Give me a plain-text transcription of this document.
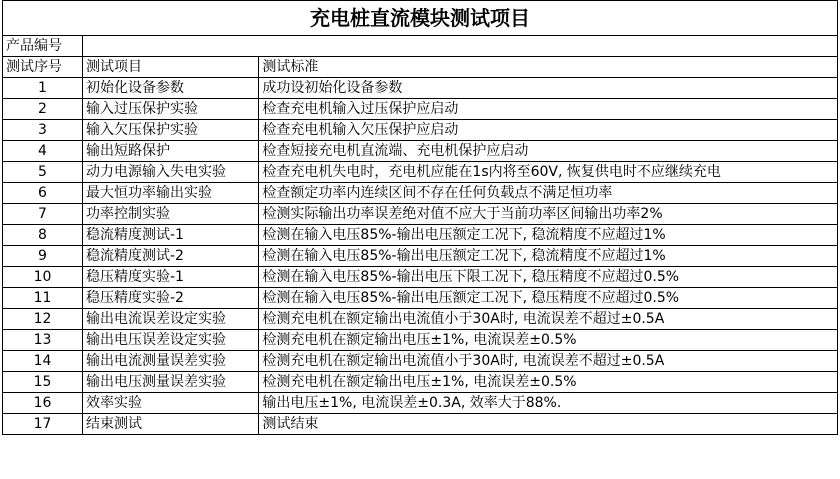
充电桩直流模块测试项目		
产品编号		
测试序号	测试项目	测试标准
1	初始化设备参数	成功设初始化设备参数
2	输入过压保护实验	检查充电机输入过压保护应启动
3	输入欠压保护实验	检查充电机输入欠压保护应启动
4	输出短路保护	检查短接充电机直流端、充电机保护应启动
5	动力电源输入失电实验	检查充电机失电时，充电机应能在1s内将至60V, 恢复供电时不应继续充电
6	最大恒功率输出实验	检查额定功率内连续区间不存在任何负载点不满足恒功率
7	功率控制实验	检测实际输出功率误差绝对值不应大于当前功率区间输出功率2%
8	稳流精度测试-1	检测在输入电压85%-输出电压额定工况下, 稳流精度不应超过1%
9	稳流精度测试-2	检测在输入电压85%-输出电压额定工况下, 稳流精度不应超过1%
10	稳压精度实验-1	检测在输入电压85%-输出电压下限工况下, 稳压精度不应超过0.5%
11	稳压精度实验-2	检测在输入电压85%-输出电压额定工况下, 稳压精度不应超过0.5%
12	输出电流误差设定实验	检测充电机在额定输出电流值小于30A时, 电流误差不超过±0.5A
13	输出电压误差设定实验	检测充电机在额定输出电压±1%, 电流误差±0.5%
14	输出电流测量误差实验	检测充电机在额定输出电流值小于30A时, 电流误差不超过±0.5A
15	输出电压测量误差实验	检测充电机在额定输出电压±1%, 电流误差±0.5%
16	效率实验	输出电压±1%, 电流误差±0.3A, 效率大于88%.
17	结束测试	测试结束
